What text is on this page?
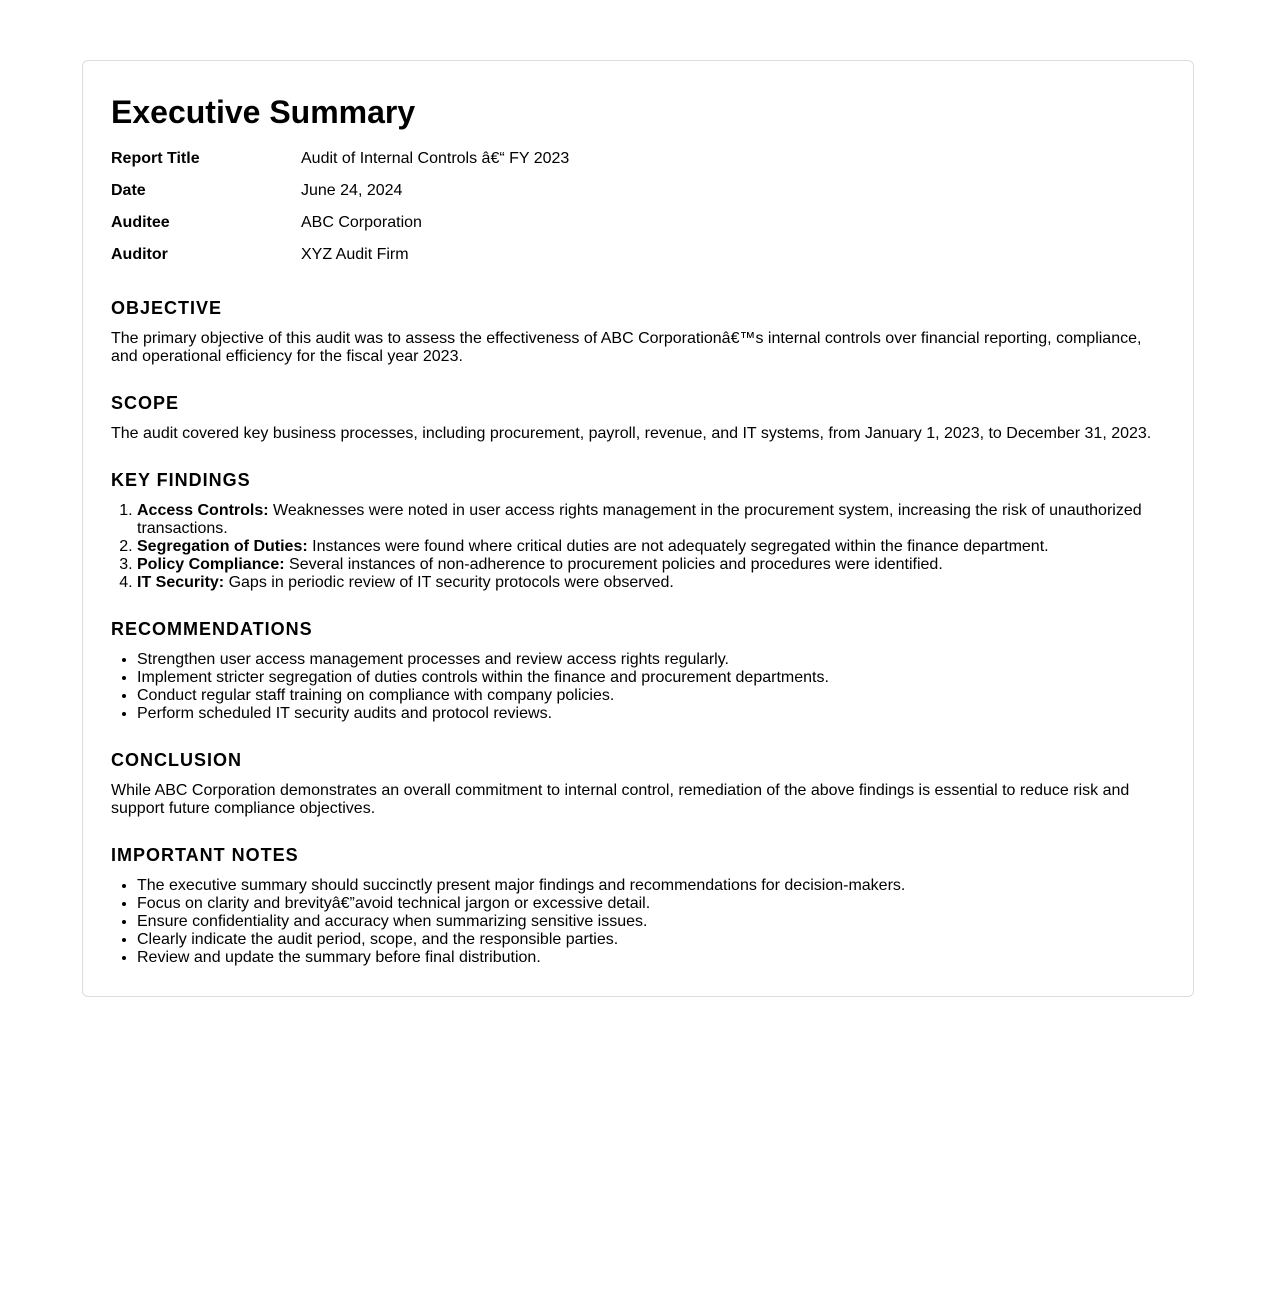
Executive Summary
Report Title	Audit of Internal Controls â€“ FY 2023
Date	June 24, 2024
Auditee	ABC Corporation
Auditor	XYZ Audit Firm
OBJECTIVE

The primary objective of this audit was to assess the effectiveness of ABC Corporationâ€™s internal controls over financial reporting, compliance, and operational efficiency for the fiscal year 2023.

SCOPE

The audit covered key business processes, including procurement, payroll, revenue, and IT systems, from January 1, 2023, to December 31, 2023.

KEY FINDINGS
1. Access Controls: Weaknesses were noted in user access rights management in the procurement system, increasing the risk of unauthorized transactions.
2. Segregation of Duties: Instances were found where critical duties are not adequately segregated within the finance department.
3. Policy Compliance: Several instances of non-adherence to procurement policies and procedures were identified.
4. IT Security: Gaps in periodic review of IT security protocols were observed.
RECOMMENDATIONS
• Strengthen user access management processes and review access rights regularly.
• Implement stricter segregation of duties controls within the finance and procurement departments.
• Conduct regular staff training on compliance with company policies.
• Perform scheduled IT security audits and protocol reviews.
CONCLUSION

While ABC Corporation demonstrates an overall commitment to internal control, remediation of the above findings is essential to reduce risk and support future compliance objectives.

IMPORTANT NOTES
• The executive summary should succinctly present major findings and recommendations for decision-makers.
• Focus on clarity and brevityâ€”avoid technical jargon or excessive detail.
• Ensure confidentiality and accuracy when summarizing sensitive issues.
• Clearly indicate the audit period, scope, and the responsible parties.
• Review and update the summary before final distribution.
